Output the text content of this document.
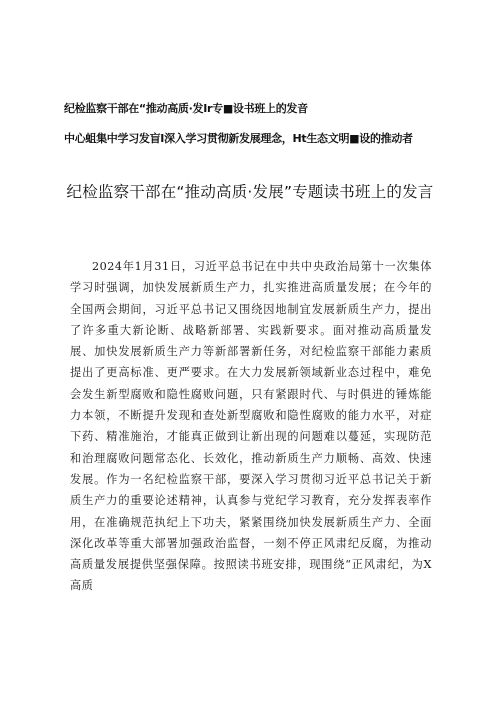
纪检监察干部在“推动高质·发Ir专■设书班上的发音
中心蛆集中学习发盲I深入学习贯彻新发展理念，Ht生态文明■设的推动者
纪检监察干部在“推动高质·发展”专题读书班上的发言

2024年1月31日，习近平总书记在中共中央政治局第十一次集体学习时强调，加快发展新质生产力，扎实推进高质量发展；在今年的全国两会期间，习近平总书记又围绕因地制宜发展新质生产力，提出了许多重大新论断、战略新部署、实践新要求。面对推动高质量发展、加快发展新质生产力等新部署新任务，对纪检监察干部能力素质提出了更高标准、更严要求。在大力发展新领域新业态过程中，难免会发生新型腐败和隐性腐败问题，只有紧跟时代、与时俱进的锤炼能力本领，不断提升发现和查处新型腐败和隐性腐败的能力水平，对症下药、精准施治，才能真正做到让新出现的问题难以蔓延，实现防范和治理腐败问题常态化、长效化，推动新质生产力顺畅、高效、快速发展。作为一名纪检监察干部，要深入学习贯彻习近平总书记关于新质生产力的重要论述精神，认真参与党纪学习教育，充分发挥表率作用，在准确规范执纪上下功夫，紧紧围绕加快发展新质生产力、全面深化改革等重大部署加强政治监督，一刻不停正风肃纪反腐，为推动高质量发展提供坚强保障。按照读书班安排，现围绕“正风肃纪，为X高质
